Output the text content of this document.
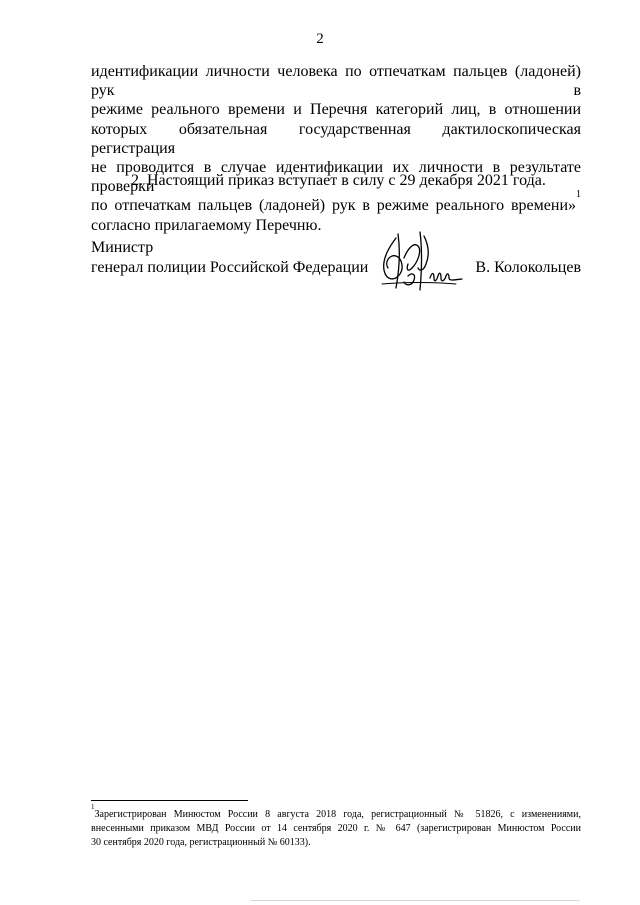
2
идентификации личности человека по отпечаткам пальцев (ладоней) рук в
режиме реального времени и Перечня категорий лиц, в отношении
которых обязательная государственная дактилоскопическая регистрация
не проводится в случае идентификации их личности в результате проверки
по отпечаткам пальцев (ладоней) рук в режиме реального времени»
$^1$
согласно прилагаемому Перечню.
2. Настоящий приказ вступает в силу с 29 декабря 2021 года.
Министр
генерал полиции Российской Федерации	В. Колокольцев
$^1$
Зарегистрирован Минюстом России 8 августа 2018 года, регистрационный № 51826, с изменениями,
внесенными приказом МВД России от 14 сентября 2020 г. № 647 (зарегистрирован Минюстом России
30 сентября 2020 года, регистрационный № 60133).
